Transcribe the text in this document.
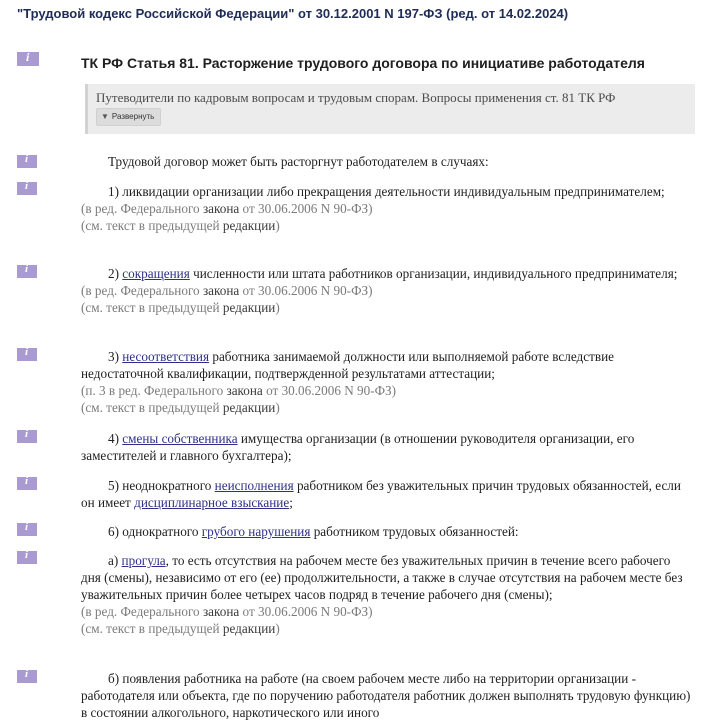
"Трудовой кодекс Российской Федерации" от 30.12.2001 N 197-ФЗ (ред. от 14.02.2024)
i
ТК РФ Статья 81. Расторжение трудового договора по инициативе работодателя
Путеводители по кадровым вопросам и трудовым спорам. Вопросы применения ст. 81 ТК РФ
▼ Развернуть
i
Трудовой договор может быть расторгнут работодателем в случаях:
i
1) ликвидации организации либо прекращения деятельности индивидуальным предпринимателем;
(в ред. Федерального закона от 30.06.2006 N 90-ФЗ)
(см. текст в предыдущей редакции)
i
2) сокращения численности или штата работников организации, индивидуального предпринимателя;
(в ред. Федерального закона от 30.06.2006 N 90-ФЗ)
(см. текст в предыдущей редакции)
i
3) несоответствия работника занимаемой должности или выполняемой работе вследствие недостаточной квалификации, подтвержденной результатами аттестации;
(п. 3 в ред. Федерального закона от 30.06.2006 N 90-ФЗ)
(см. текст в предыдущей редакции)
i
4) смены собственника имущества организации (в отношении руководителя организации, его заместителей и главного бухгалтера);
i
5) неоднократного неисполнения работником без уважительных причин трудовых обязанностей, если он имеет дисциплинарное взыскание;
i
6) однократного грубого нарушения работником трудовых обязанностей:
i
а) прогула, то есть отсутствия на рабочем месте без уважительных причин в течение всего рабочего дня (смены), независимо от его (ее) продолжительности, а также в случае отсутствия на рабочем месте без уважительных причин более четырех часов подряд в течение рабочего дня (смены);
(в ред. Федерального закона от 30.06.2006 N 90-ФЗ)
(см. текст в предыдущей редакции)
i
б) появления работника на работе (на своем рабочем месте либо на территории организации - работодателя или объекта, где по поручению работодателя работник должен выполнять трудовую функцию) в состоянии алкогольного, наркотического или иного
